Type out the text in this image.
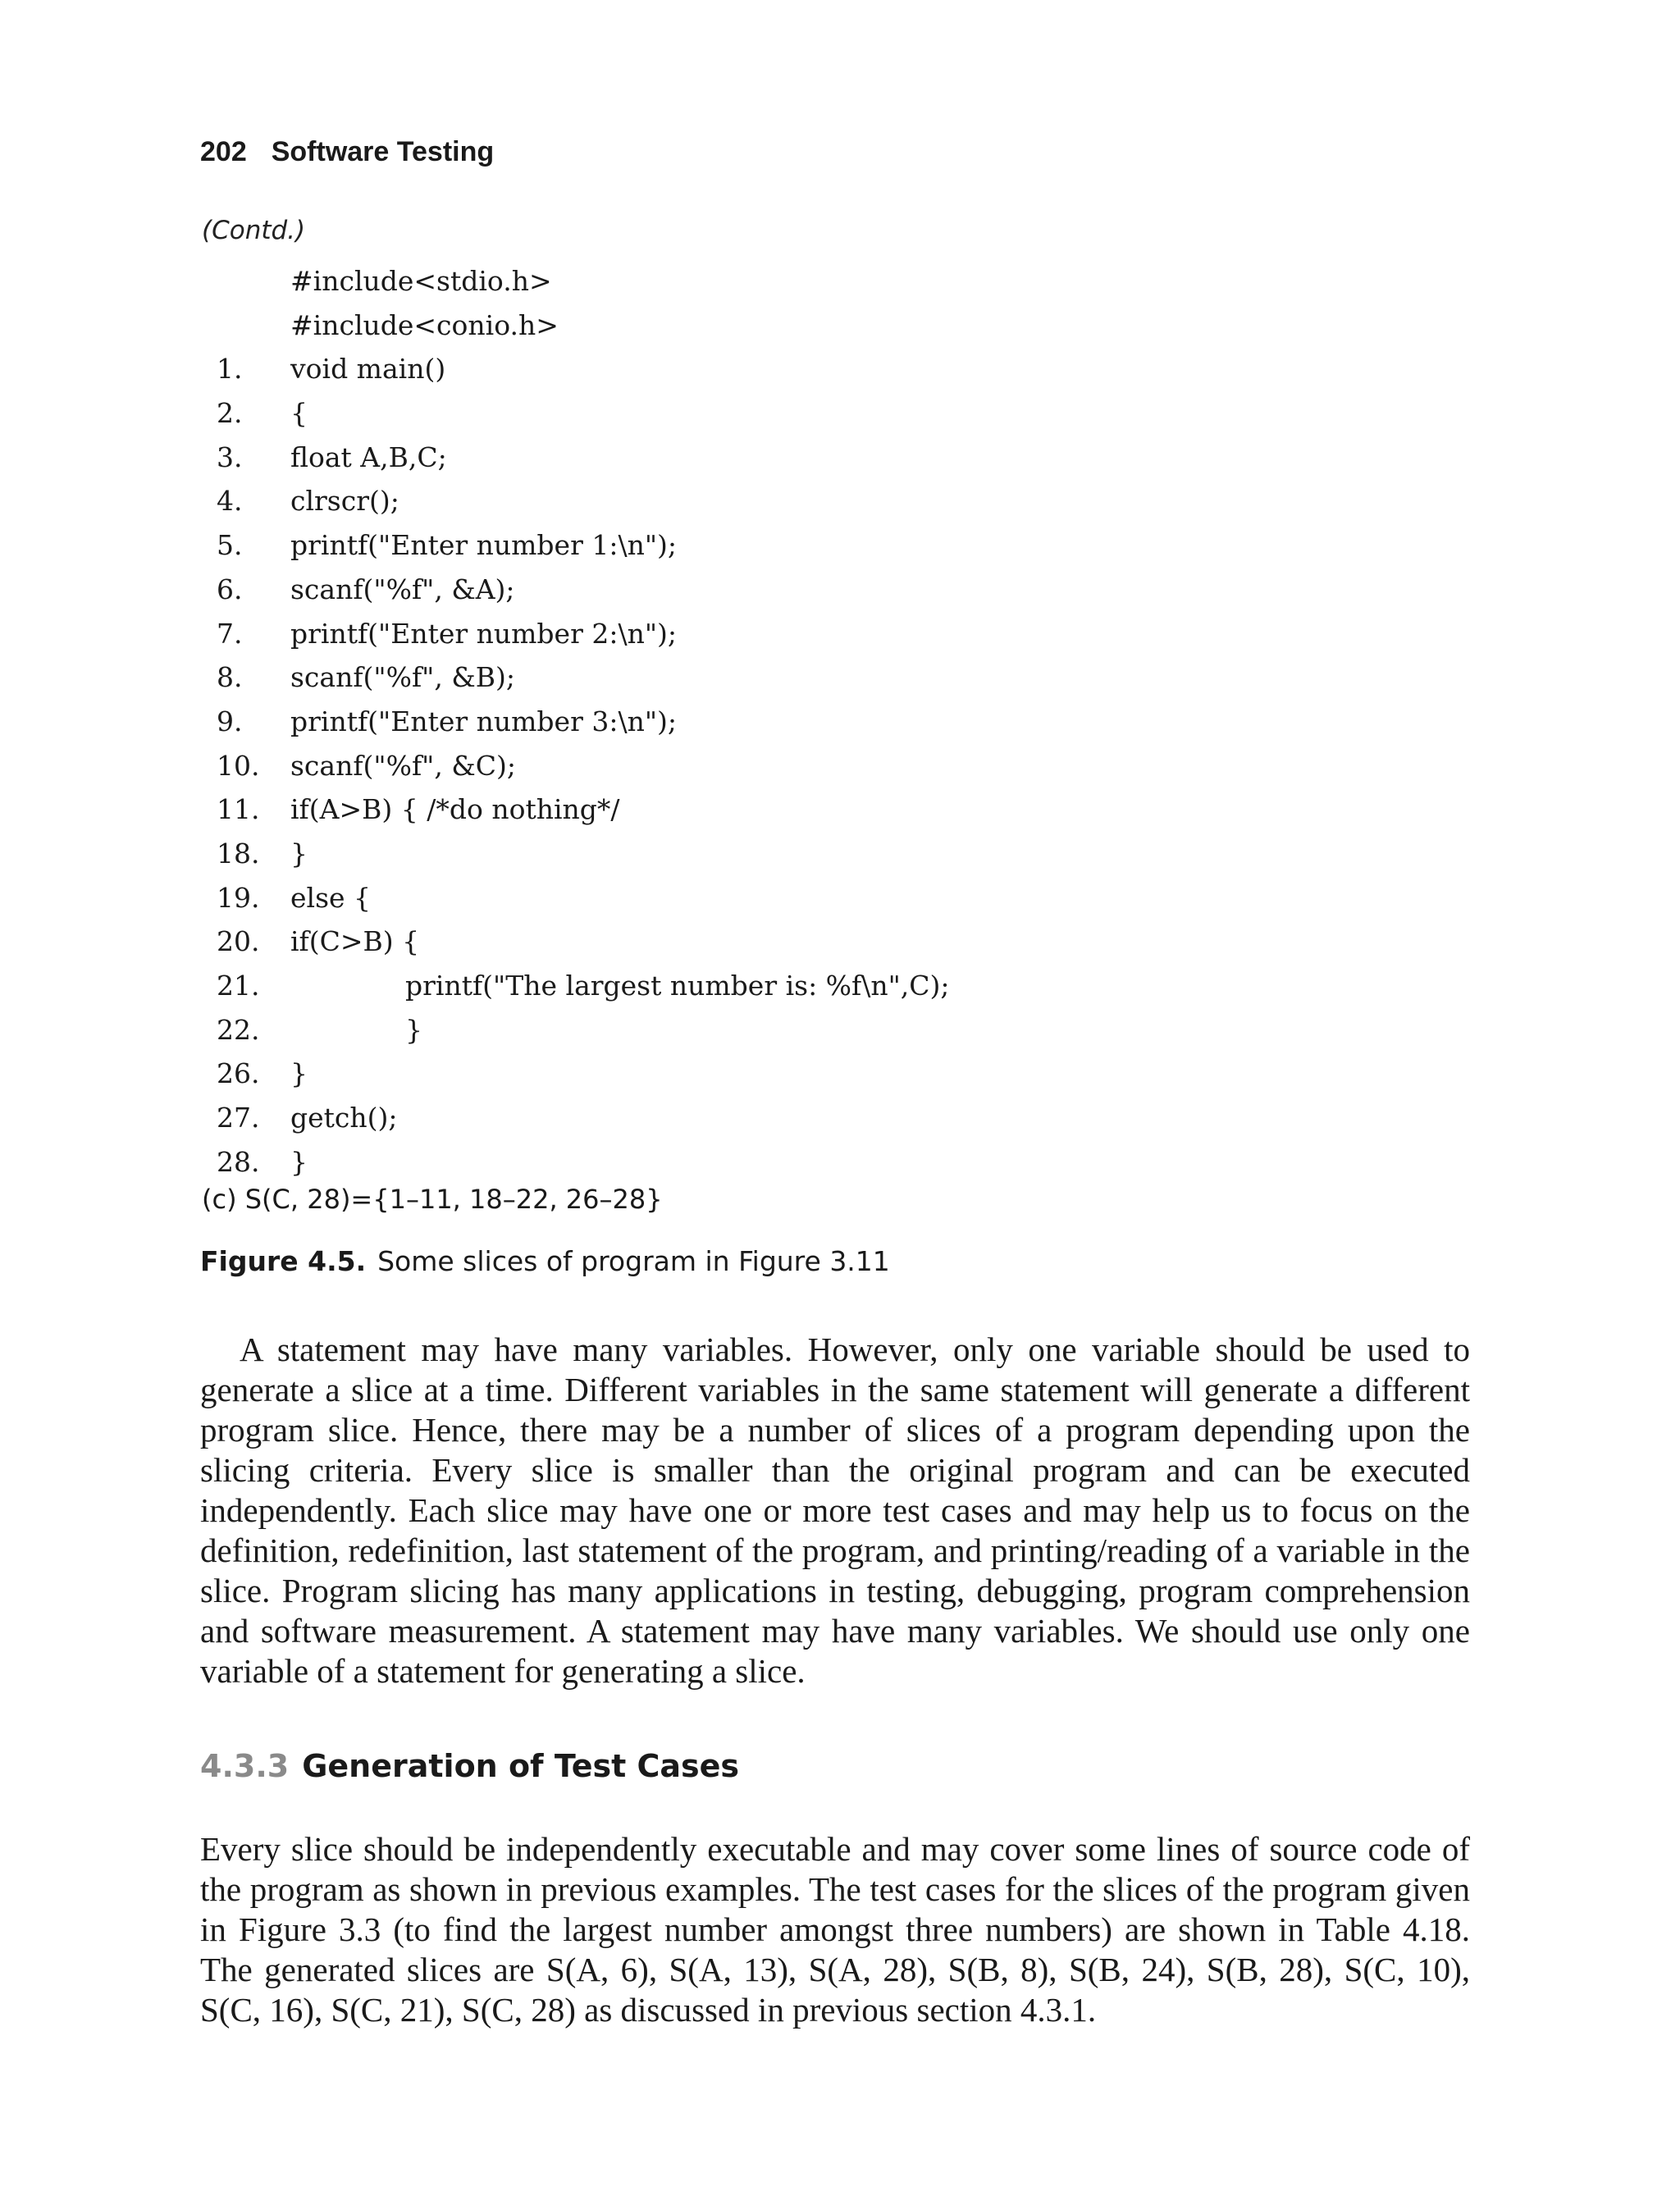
202 Software Testing
(Contd.)
#include<stdio.h>
#include<conio.h>
1.	void main()
2.	{
3.	float A,B,C;
4.	clrscr();
5.	printf("Enter number 1:\n");
6.	scanf("%f", &A);
7.	printf("Enter number 2:\n");
8.	scanf("%f", &B);
9.	printf("Enter number 3:\n");
10.	scanf("%f", &C);
11.	if(A>B) { /*do nothing*/
18.	}
19.	else {
20.	if(C>B) {
21.	printf("The largest number is: %f\n",C);
22.	}
26.	}
27.	getch();
28.	}
(c) S(C, 28)={1–11, 18–22, 26–28}
Figure 4.5. Some slices of program in Figure 3.11

A statement may have many variables. However, only one variable should be used to generate a slice at a time. Different variables in the same statement will generate a different program slice. Hence, there may be a number of slices of a program depending upon the slicing criteria. Every slice is smaller than the original program and can be executed independently. Each slice may have one or more test cases and may help us to focus on the definition, redefinition, last statement of the program, and printing/reading of a variable in the slice. Program slicing has many applications in testing, debugging, program comprehension and software measurement. A statement may have many variables. We should use only one variable of a statement for generating a slice.

4.3.3 Generation of Test Cases

Every slice should be independently executable and may cover some lines of source code of the program as shown in previous examples. The test cases for the slices of the program given in Figure 3.3 (to find the largest number amongst three numbers) are shown in Table 4.18. The generated slices are S(A, 6), S(A, 13), S(A, 28), S(B, 8), S(B, 24), S(B, 28), S(C, 10), S(C, 16), S(C, 21), S(C, 28) as discussed in previous section 4.3.1.
